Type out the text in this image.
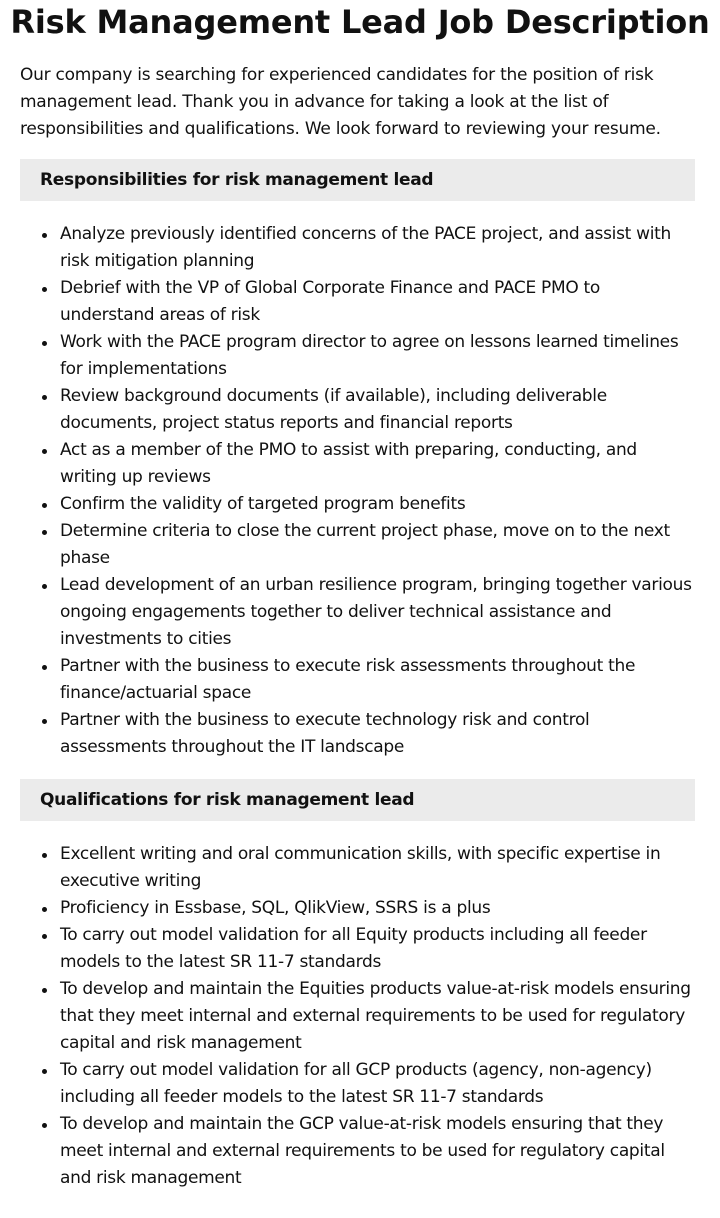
Risk Management Lead Job Description

Our company is searching for experienced candidates for the position of risk management lead. Thank you in advance for taking a look at the list of responsibilities and qualifications. We look forward to reviewing your resume.

Responsibilities for risk management lead
Analyze previously identified concerns of the PACE project, and assist with risk mitigation planning
Debrief with the VP of Global Corporate Finance and PACE PMO to understand areas of risk
Work with the PACE program director to agree on lessons learned timelines for implementations
Review background documents (if available), including deliverable documents, project status reports and financial reports
Act as a member of the PMO to assist with preparing, conducting, and writing up reviews
Confirm the validity of targeted program benefits
Determine criteria to close the current project phase, move on to the next phase
Lead development of an urban resilience program, bringing together various ongoing engagements together to deliver technical assistance and investments to cities
Partner with the business to execute risk assessments throughout the finance/actuarial space
Partner with the business to execute technology risk and control assessments throughout the IT landscape
Qualifications for risk management lead
Excellent writing and oral communication skills, with specific expertise in executive writing
Proficiency in Essbase, SQL, QlikView, SSRS is a plus
To carry out model validation for all Equity products including all feeder models to the latest SR 11-7 standards
To develop and maintain the Equities products value-at-risk models ensuring that they meet internal and external requirements to be used for regulatory capital and risk management
To carry out model validation for all GCP products (agency, non-agency) including all feeder models to the latest SR 11-7 standards
To develop and maintain the GCP value-at-risk models ensuring that they meet internal and external requirements to be used for regulatory capital and risk management
